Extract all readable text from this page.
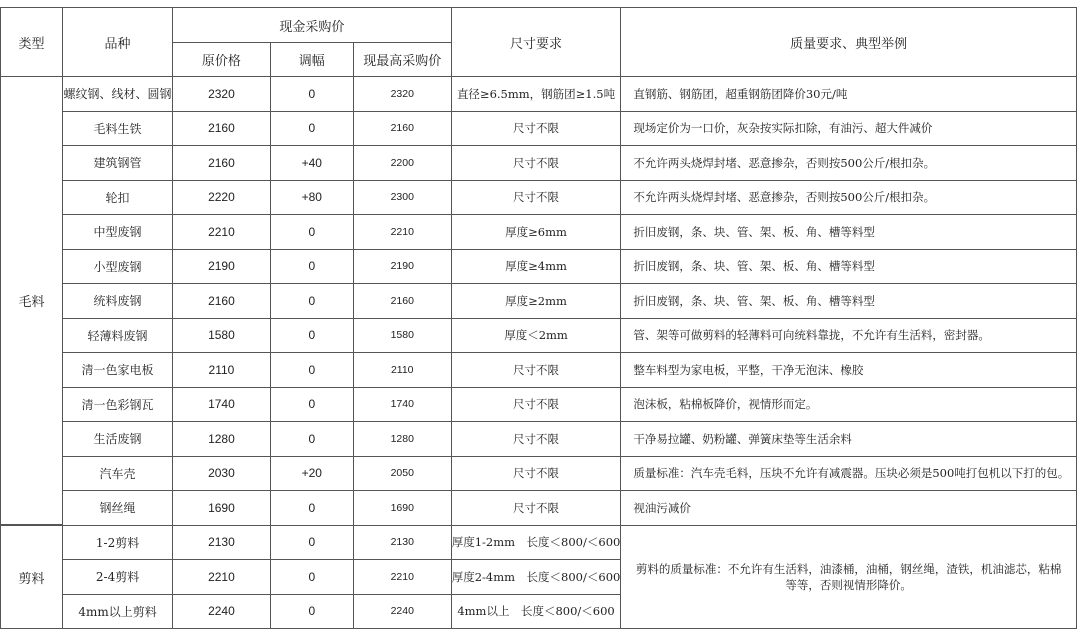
类型	品种	现金采购价			尺寸要求	质量要求、典型举例
		原价格	调幅	现最高采购价		
毛料	螺纹钢、线材、圆钢	2320	0	2320	直径≥6.5mm，钢筋团≥1.5吨	直钢筋、钢筋团，超重钢筋团降价30元/吨
	毛料生铁	2160	0	2160	尺寸不限	现场定价为一口价，灰杂按实际扣除，有油污、超大件减价
	建筑钢管	2160	+40	2200	尺寸不限	不允许两头烧焊封堵、恶意掺杂，否则按500公斤/根扣杂。
	轮扣	2220	+80	2300	尺寸不限	不允许两头烧焊封堵、恶意掺杂，否则按500公斤/根扣杂。
	中型废钢	2210	0	2210	厚度≥6mm	折旧废钢，条、块、管、架、板、角、槽等料型
	小型废钢	2190	0	2190	厚度≥4mm	折旧废钢，条、块、管、架、板、角、槽等料型
	统料废钢	2160	0	2160	厚度≥2mm	折旧废钢，条、块、管、架、板、角、槽等料型
	轻薄料废钢	1580	0	1580	厚度＜2mm	管、架等可做剪料的轻薄料可向统料靠拢，不允许有生活料，密封器。
	清一色家电板	2110	0	2110	尺寸不限	整车料型为家电板，平整，干净无泡沫、橡胶
	清一色彩钢瓦	1740	0	1740	尺寸不限	泡沫板，粘棉板降价，视情形而定。
	生活废钢	1280	0	1280	尺寸不限	干净易拉罐、奶粉罐、弹簧床垫等生活余料
	汽车壳	2030	+20	2050	尺寸不限	质量标准：汽车壳毛料，压块不允许有减震器。压块必须是500吨打包机以下打的包。
	钢丝绳	1690	0	1690	尺寸不限	视油污减价
剪料	1-2剪料	2130	0	2130	厚度1-2mm　长度＜800/＜600	剪料的质量标准：不允许有生活料，油漆桶，油桶，钢丝绳，渣铁，机油滤芯，粘棉等等，否则视情形降价。
	2-4剪料	2210	0	2210	厚度2-4mm　长度＜800/＜600	
	4mm以上剪料	2240	0	2240	4mm以上　长度＜800/＜600	
